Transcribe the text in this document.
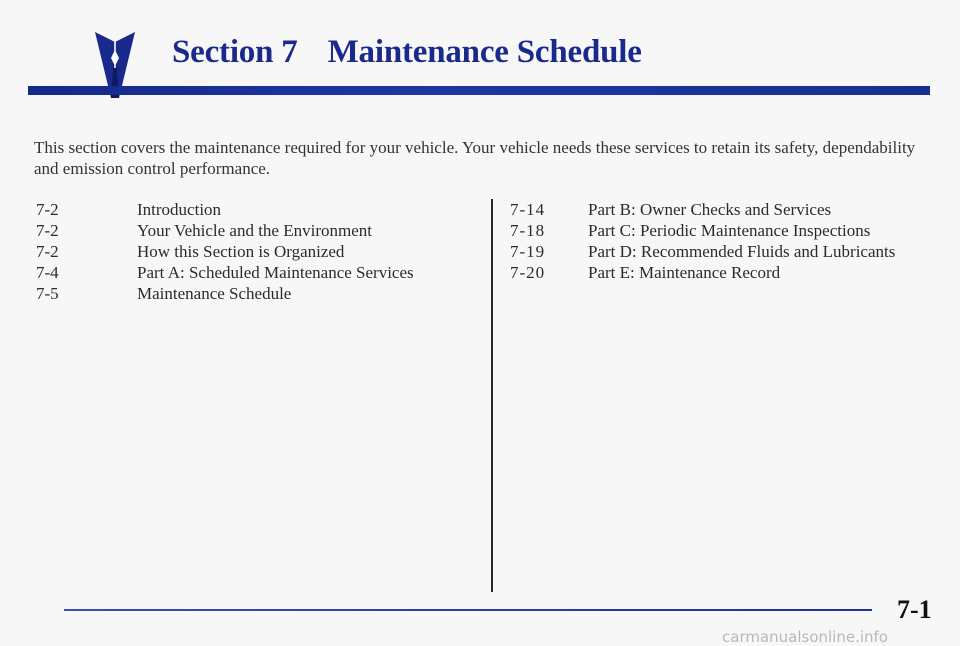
Section 7 Maintenance Schedule

This section covers the maintenance required for your vehicle. Your vehicle needs these services to retain its safety, dependability and emission control performance.

7-2	Introduction
7-2	Your Vehicle and the Environment
7-2	How this Section is Organized
7-4	Part A: Scheduled Maintenance Services
7-5	Maintenance Schedule
7-14	Part B: Owner Checks and Services
7-18	Part C: Periodic Maintenance Inspections
7-19	Part D: Recommended Fluids and Lubricants
7-20	Part E: Maintenance Record
7-1
carmanualsonline.info
